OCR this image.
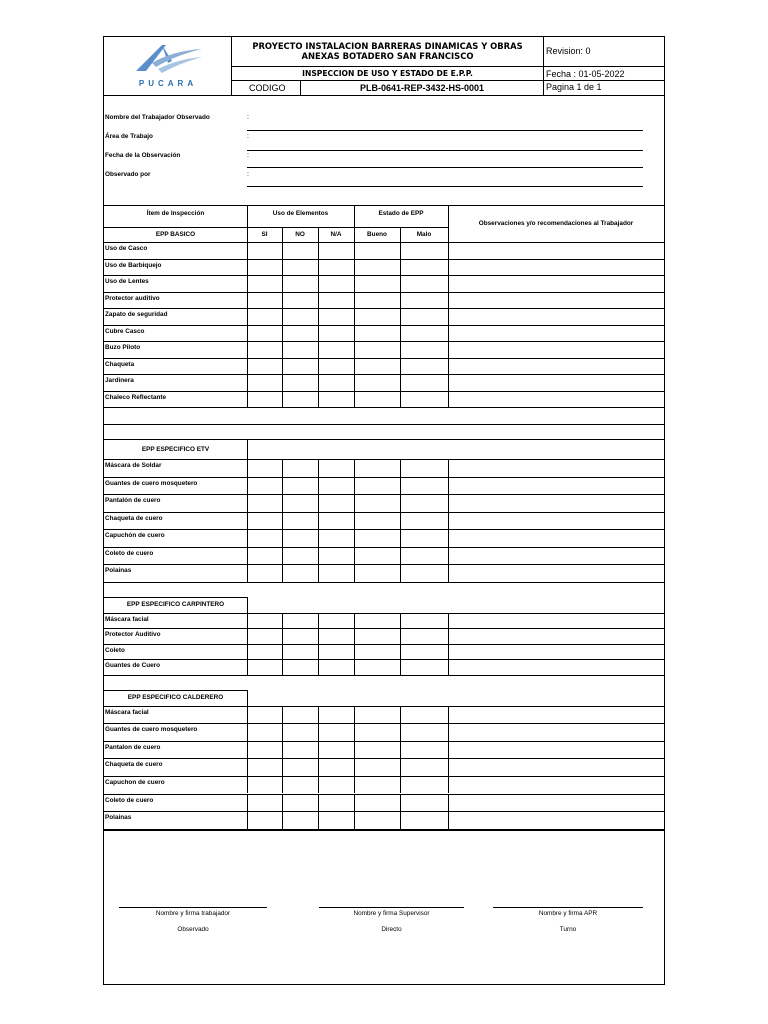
PUCARA
PROYECTO INSTALACION BARRERAS DINAMICAS Y OBRAS ANEXAS BOTADERO SAN FRANCISCO
INSPECCION DE USO Y ESTADO DE E.P.P.
CODIGO	PLB-0641-REP-3432-HS-0001
Revision: 0
Fecha : 01-05-2022
Pagina 1 de 1
Nombre del Trabajador Observado	:
Área de Trabajo	:
Fecha de la Observación	:
Observado por	:
Ítem de Inspección	Uso de Elementos	Estado de EPP
Observaciones y/o recomendaciones al Trabajador
EPP BASICO	SI	NO	N/A	Bueno	Malo
Uso de Casco
Uso de Barbiquejo
Uso de Lentes
Protector auditivo
Zapato de seguridad
Cubre Casco
Buzo Piloto
Chaqueta
Jardinera
Chaleco Reflectante
EPP ESPECIFICO ETV
Máscara de Soldar
Guantes de cuero mosquetero
Pantalón de cuero
Chaqueta de cuero
Capuchón de cuero
Coleto de cuero
Polainas
EPP ESPECIFICO CARPINTERO
Máscara facial
Protector Auditivo
Coleto
Guantes de Cuero
EPP ESPECIFICO CALDERERO
Máscara facial
Guantes de cuero mosquetero
Pantalon de cuero
Chaqueta de cuero
Capuchon de cuero
Coleto de cuero
Polainas
Nombre y firma trabajador
Observado
Nombre y firma Supervisor
Directo
Nombre y firma APR
Turno
